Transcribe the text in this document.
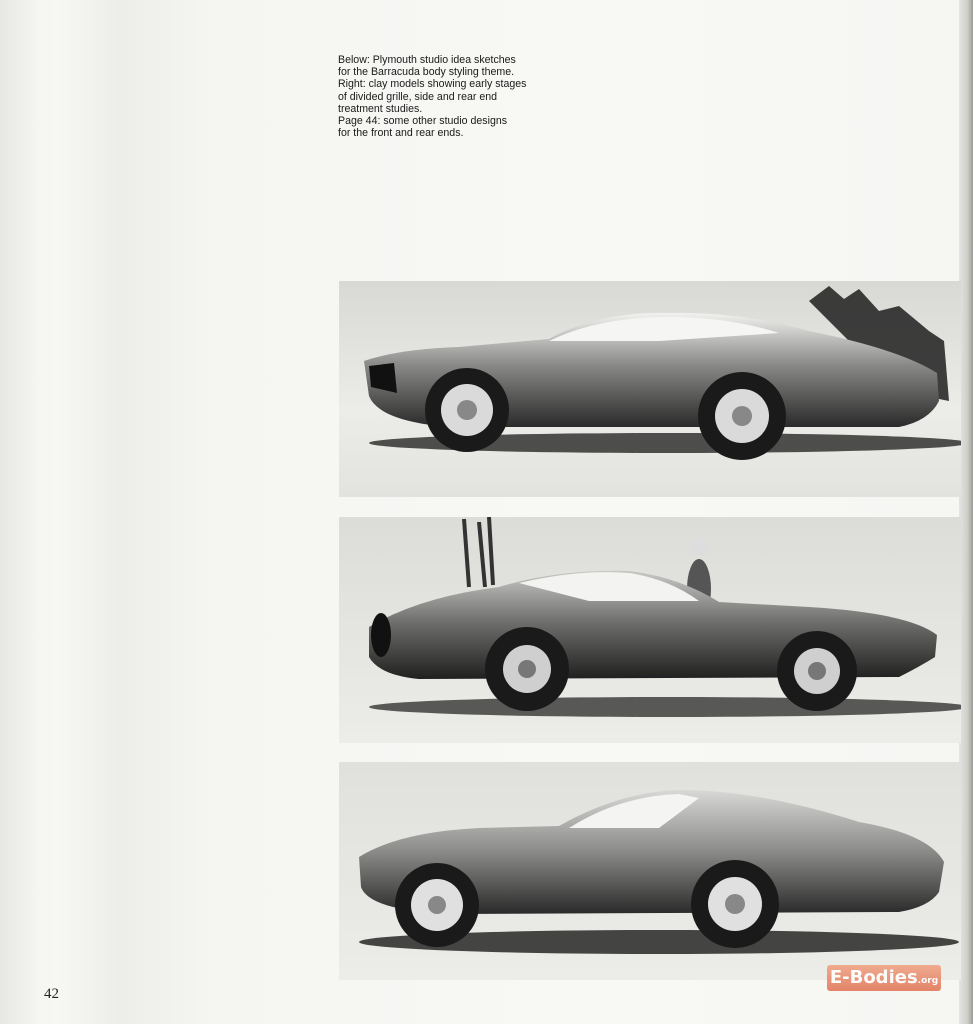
Below: Plymouth studio idea sketches
for the Barracuda body styling theme.
Right: clay models showing early stages
of divided grille, side and rear end
treatment studies.
Page 44: some other studio designs
for the front and rear ends.
42
E-Bodies.org
